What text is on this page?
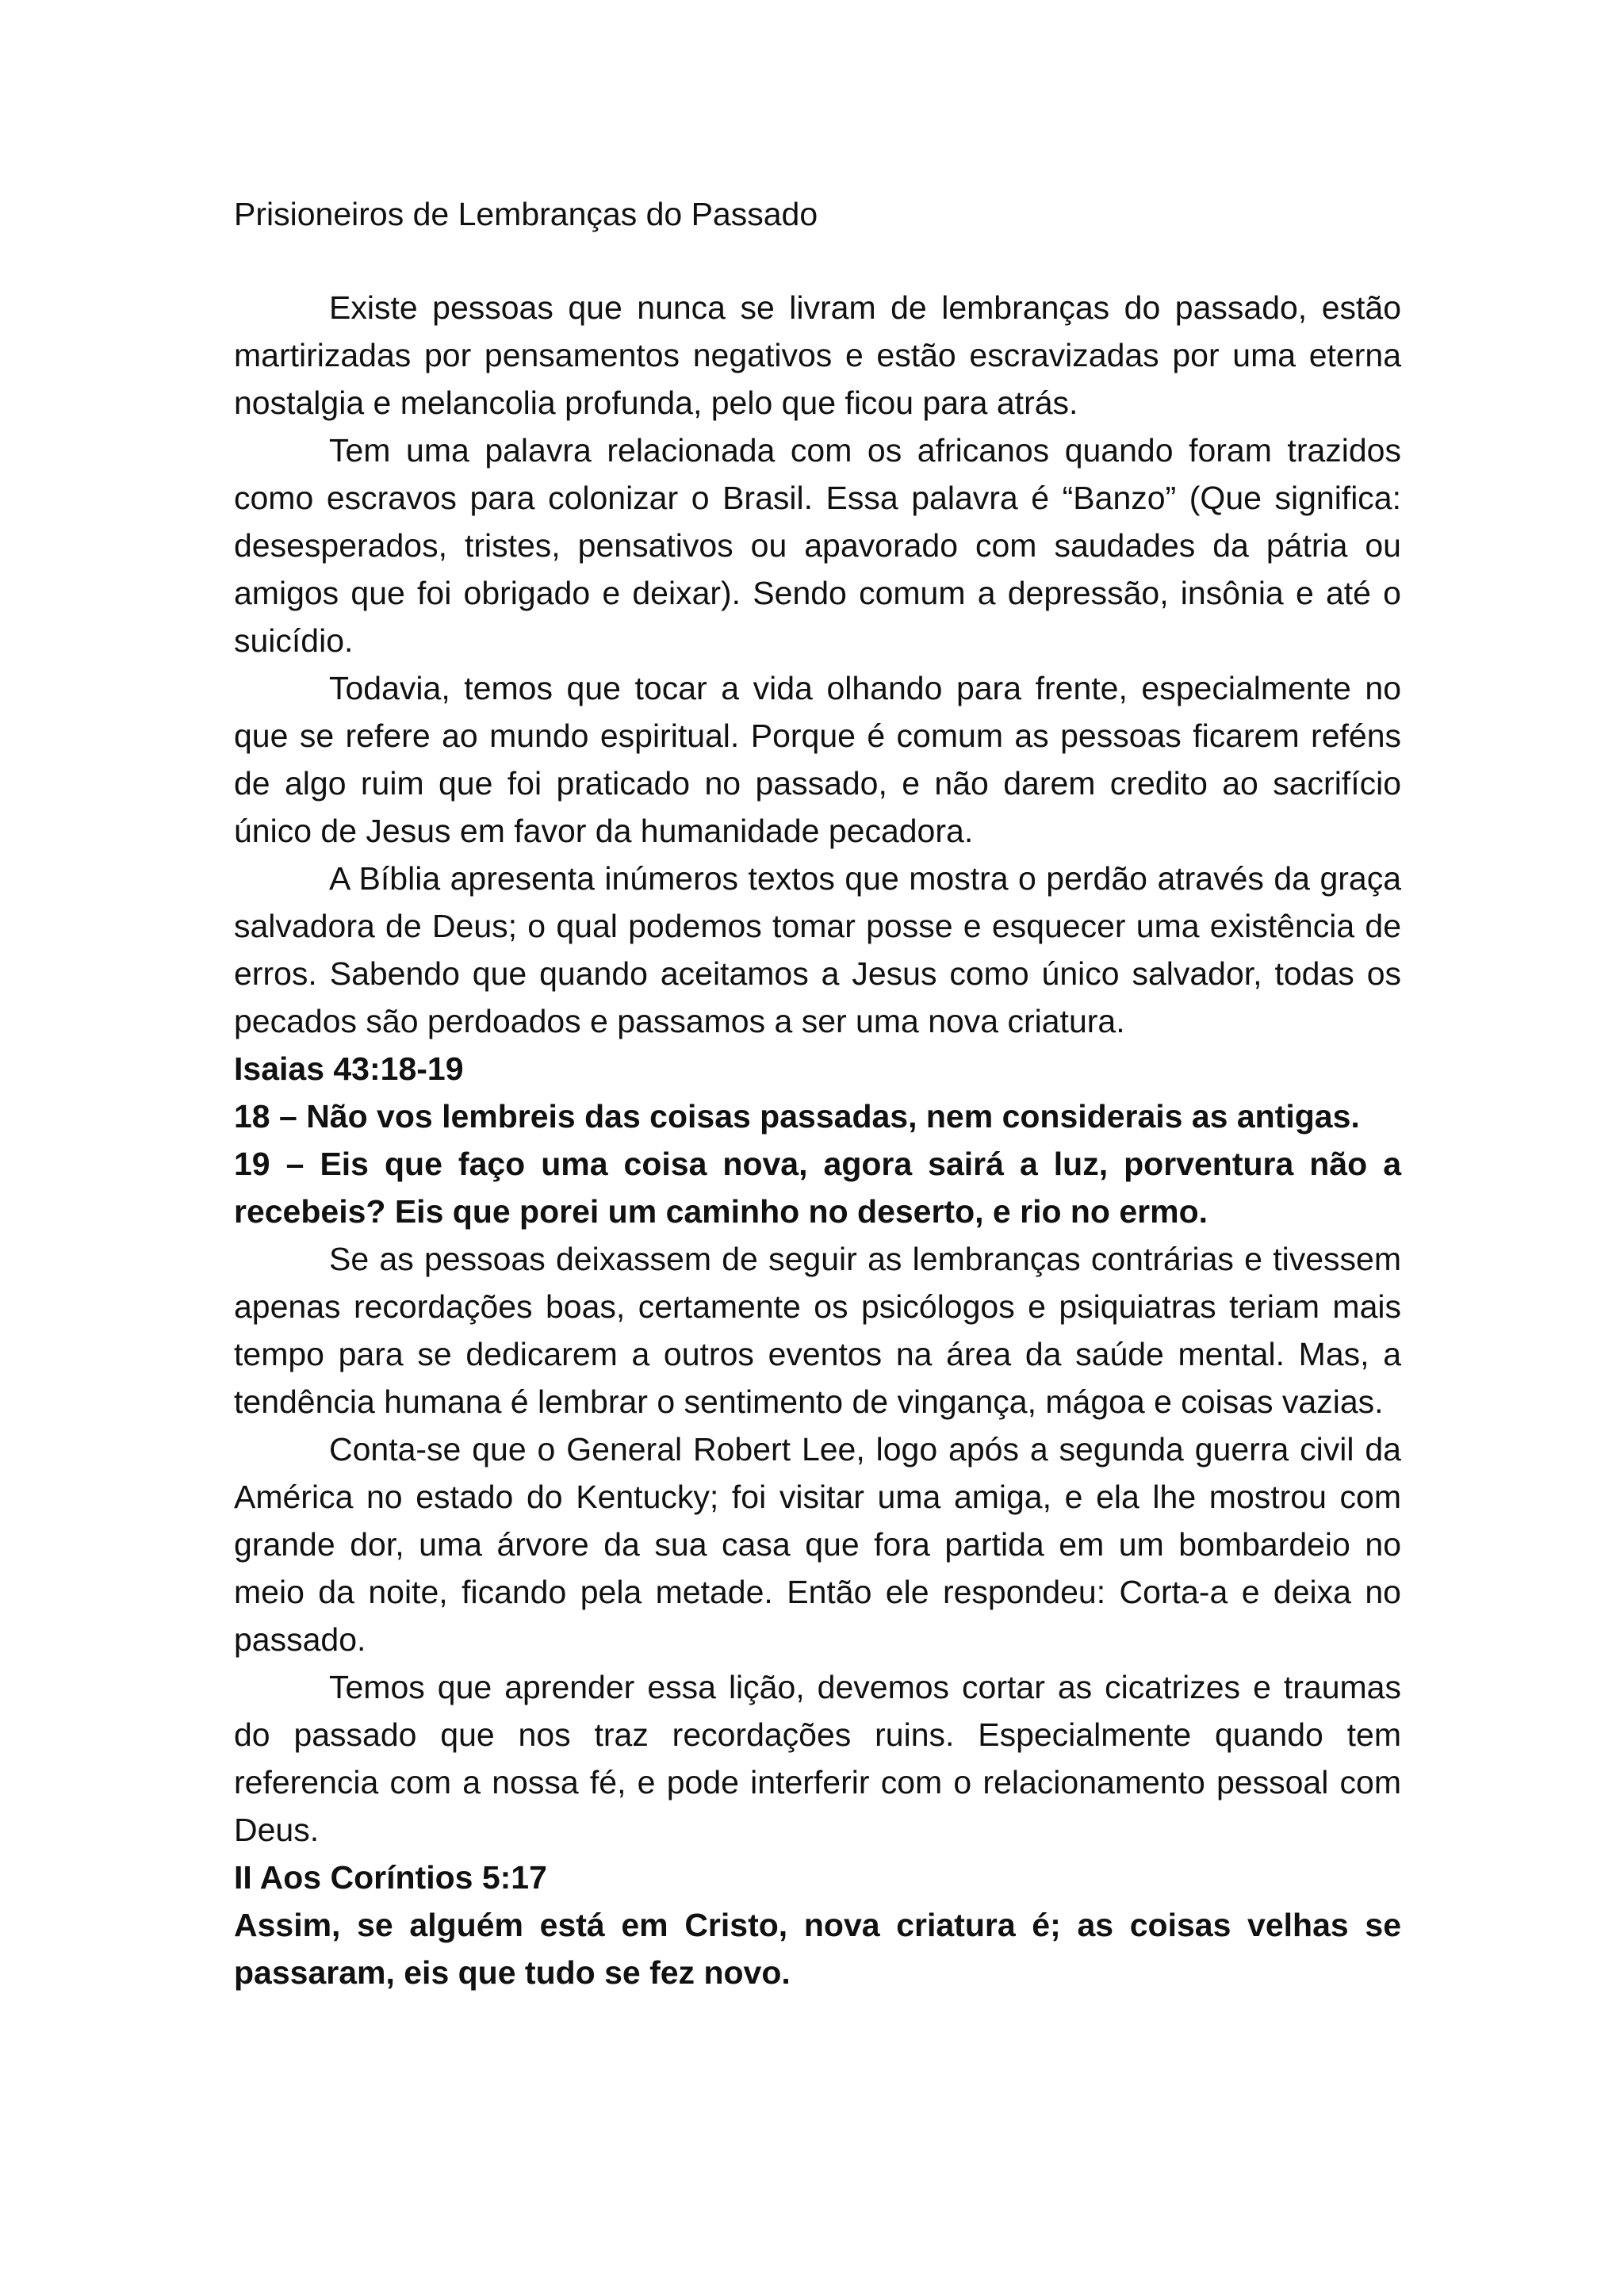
Prisioneiros de Lembranças do Passado

Existe pessoas que nunca se livram de lembranças do passado, estão martirizadas por pensamentos negativos e estão escravizadas por uma eterna nostalgia e melancolia profunda, pelo que ficou para atrás.

Tem uma palavra relacionada com os africanos quando foram trazidos como escravos para colonizar o Brasil. Essa palavra é “Banzo” (Que significa: desesperados, tristes, pensativos ou apavorado com saudades da pátria ou amigos que foi obrigado e deixar). Sendo comum a depressão, insônia e até o suicídio.

Todavia, temos que tocar a vida olhando para frente, especialmente no que se refere ao mundo espiritual. Porque é comum as pessoas ficarem reféns de algo ruim que foi praticado no passado, e não darem credito ao sacrifício único de Jesus em favor da humanidade pecadora.

A Bíblia apresenta inúmeros textos que mostra o perdão através da graça salvadora de Deus; o qual podemos tomar posse e esquecer uma existência de erros. Sabendo que quando aceitamos a Jesus como único salvador, todas os pecados são perdoados e passamos a ser uma nova criatura.

Isaias 43:18-19

18 – Não vos lembreis das coisas passadas, nem considerais as antigas.

19 – Eis que faço uma coisa nova, agora sairá a luz, porventura não a recebeis? Eis que porei um caminho no deserto, e rio no ermo.

Se as pessoas deixassem de seguir as lembranças contrárias e tivessem apenas recordações boas, certamente os psicólogos e psiquiatras teriam mais tempo para se dedicarem a outros eventos na área da saúde mental. Mas, a tendência humana é lembrar o sentimento de vingança, mágoa e coisas vazias.

Conta-se que o General Robert Lee, logo após a segunda guerra civil da América no estado do Kentucky; foi visitar uma amiga, e ela lhe mostrou com grande dor, uma árvore da sua casa que fora partida em um bombardeio no meio da noite, ficando pela metade. Então ele respondeu: Corta-a e deixa no passado.

Temos que aprender essa lição, devemos cortar as cicatrizes e traumas do passado que nos traz recordações ruins. Especialmente quando tem referencia com a nossa fé, e pode interferir com o relacionamento pessoal com Deus.

II Aos Coríntios 5:17

Assim, se alguém está em Cristo, nova criatura é; as coisas velhas se passaram, eis que tudo se fez novo.
